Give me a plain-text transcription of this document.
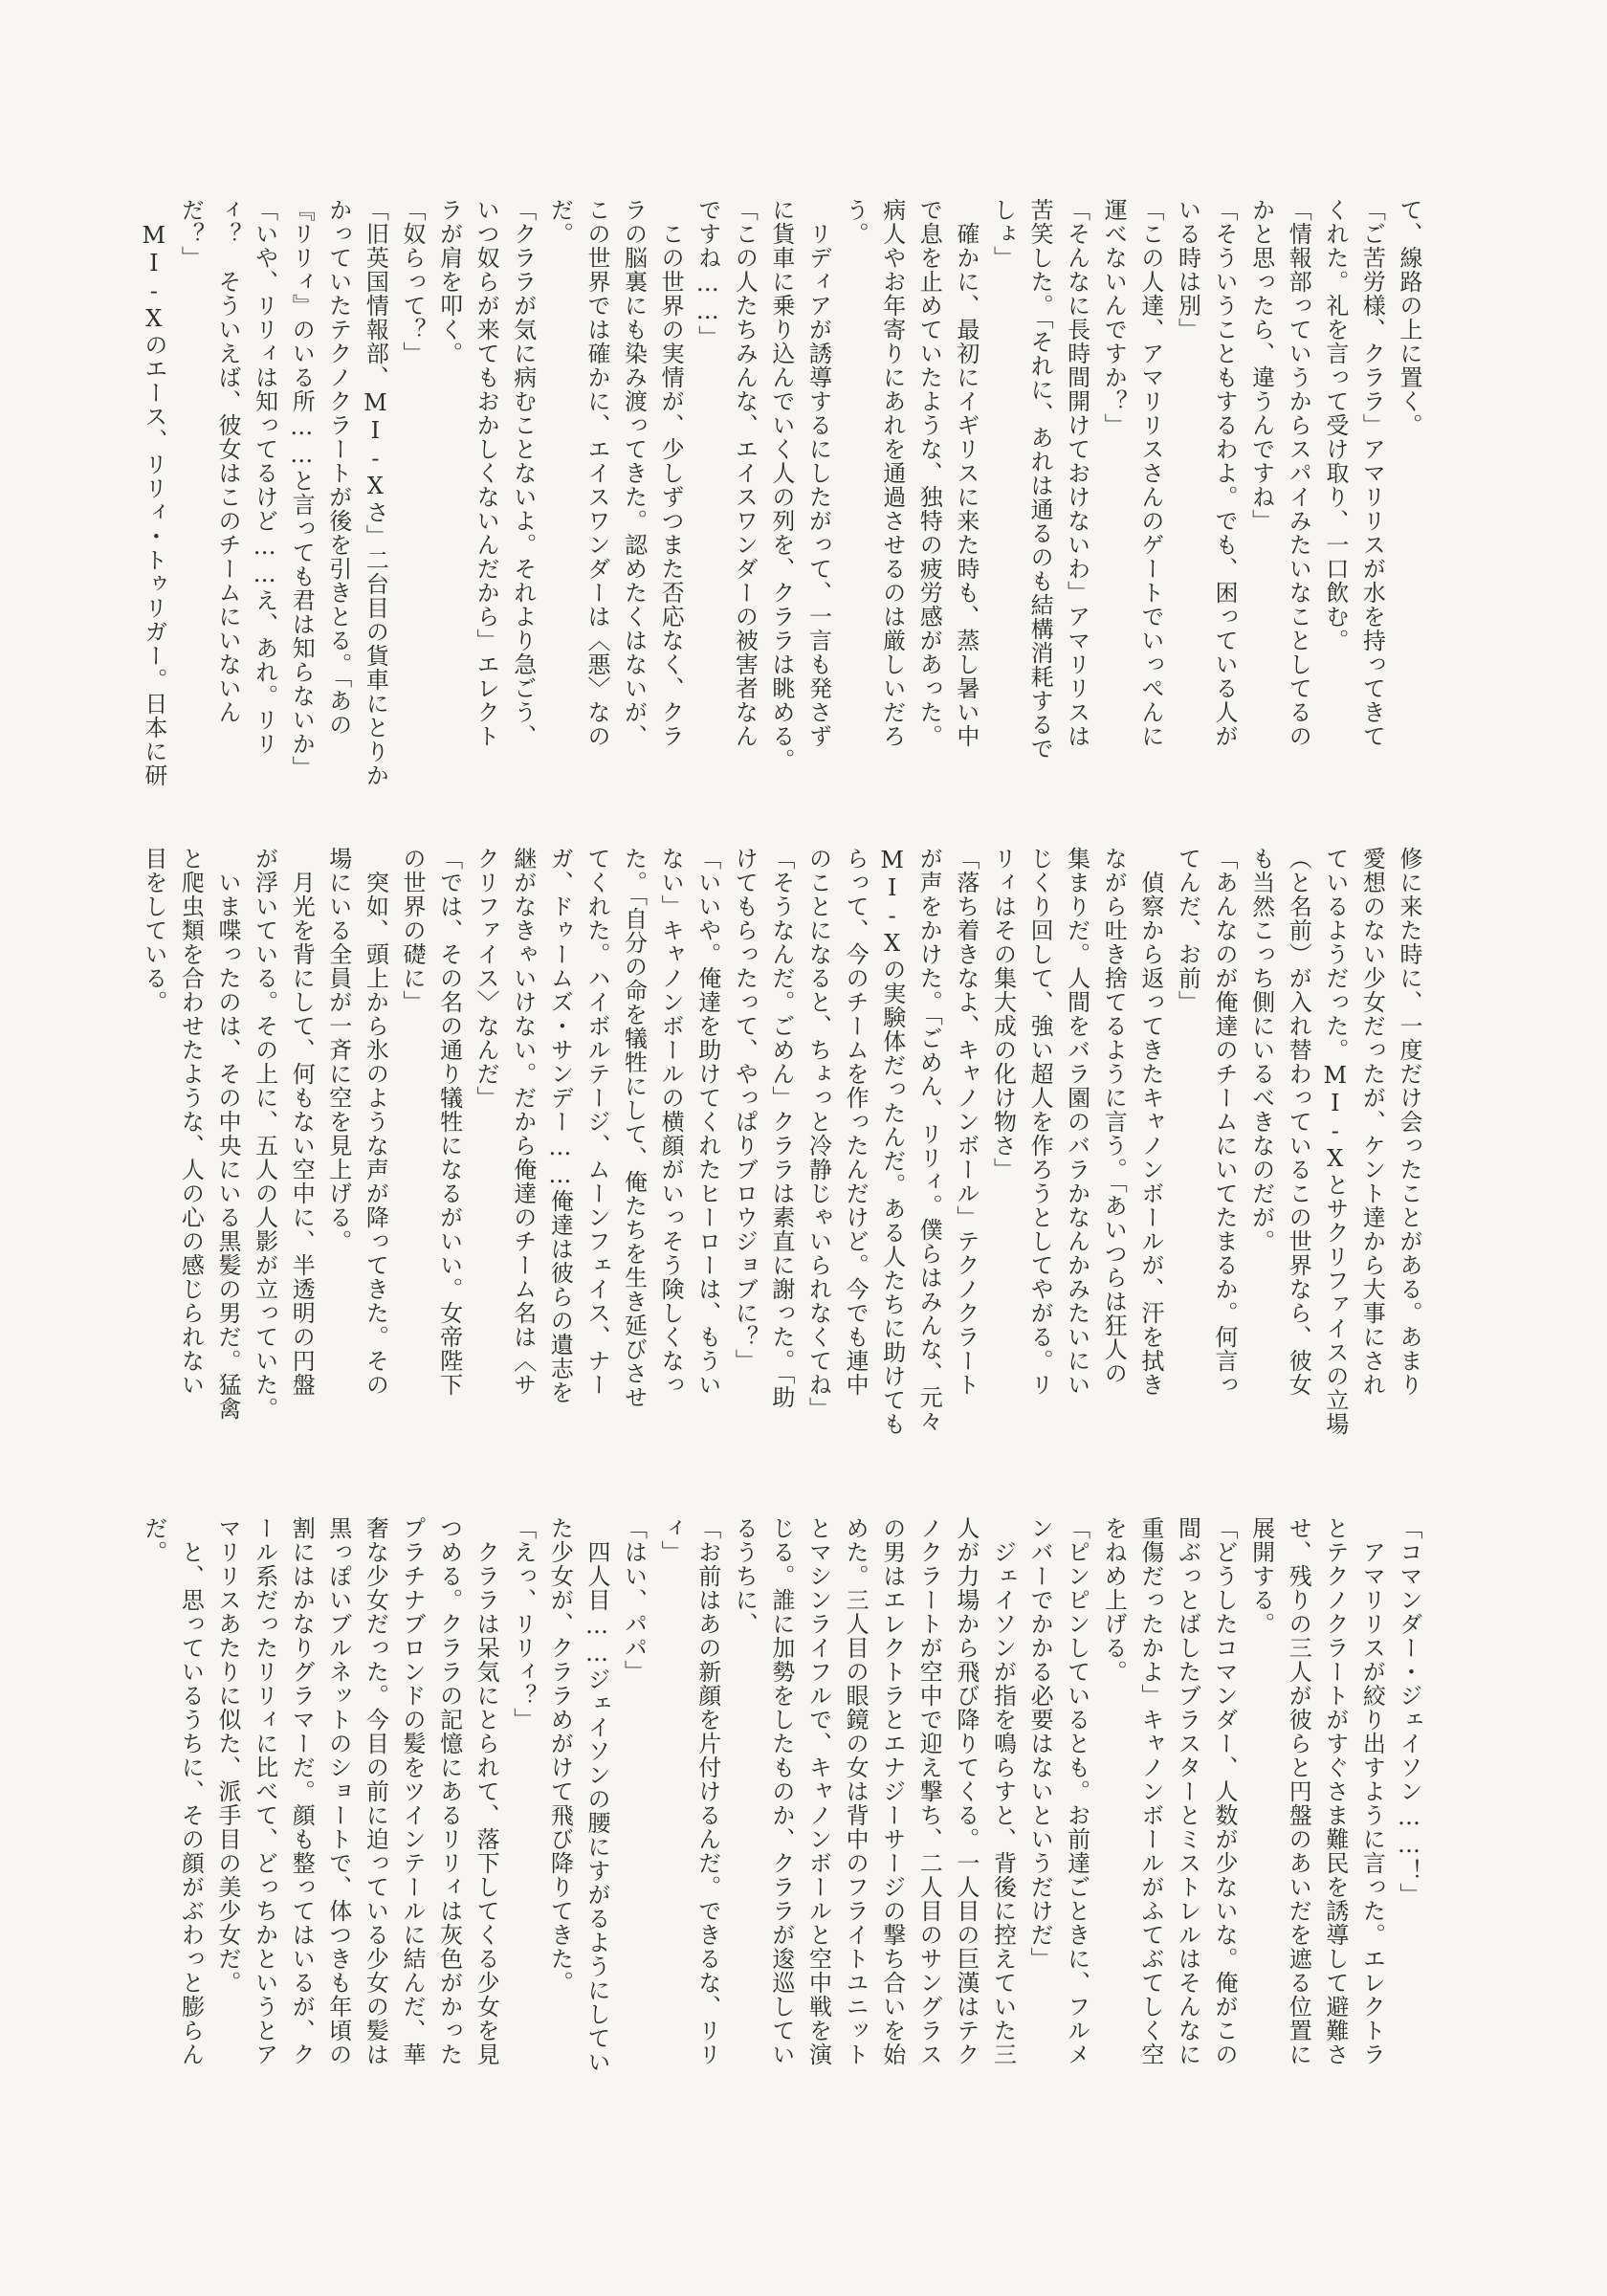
て、線路の上に置く。
「ご苦労様、クララ」アマリリスが水を持ってきて
くれた。礼を言って受け取り、一口飲む。
「情報部っていうからスパイみたいなことしてるの
かと思ったら、違うんですね」
「そういうこともするわよ。でも、困っている人が
いる時は別」
「この人達、アマリリスさんのゲートでいっぺんに
運べないんですか？」
「そんなに長時間開けておけないわ」アマリリスは
苦笑した。「それに、あれは通るのも結構消耗するで
しょ」
　確かに、最初にイギリスに来た時も、蒸し暑い中
で息を止めていたような、独特の疲労感があった。
病人やお年寄りにあれを通過させるのは厳しいだろ
う。
　リディアが誘導するにしたがって、一言も発さず
に貨車に乗り込んでいく人の列を、クララは眺める。
「この人たちみんな、エイスワンダーの被害者なん
ですね……」
　この世界の実情が、少しずつまた否応なく、クラ
ラの脳裏にも染み渡ってきた。認めたくはないが、
この世界では確かに、エイスワンダーは〈悪〉なの
だ。
「クララが気に病むことないよ。それより急ごう、
いつ奴らが来てもおかしくないんだから」エレクト
ラが肩を叩く。
「奴らって？」
「旧英国情報部、MI-Xさ」二台目の貨車にとりか
かっていたテクノクラートが後を引きとる。「あの
『リリィ』のいる所……と言っても君は知らないか」
「いや、リリィは知ってるけど……え、あれ。リリ
ィ？　そういえば、彼女はこのチームにいないん
だ？」
　MI-Xのエース、リリィ・トゥリガー。日本に研
修に来た時に、一度だけ会ったことがある。あまり
愛想のない少女だったが、ケント達から大事にされ
ているようだった。MI-Xとサクリファイスの立場
（と名前）が入れ替わっているこの世界なら、彼女
も当然こっち側にいるべきなのだが。
「あんなのが俺達のチームにいてたまるか。何言っ
てんだ、お前」
　偵察から返ってきたキャノンボールが、汗を拭き
ながら吐き捨てるように言う。「あいつらは狂人の
集まりだ。人間をバラ園のバラかなんかみたいにい
じくり回して、強い超人を作ろうとしてやがる。リ
リィはその集大成の化け物さ」
「落ち着きなよ、キャノンボール」テクノクラート
が声をかけた。「ごめん、リリィ。僕らはみんな、元々
MI-Xの実験体だったんだ。ある人たちに助けても
らって、今のチームを作ったんだけど。今でも連中
のことになると、ちょっと冷静じゃいられなくてね」
「そうなんだ。ごめん」クララは素直に謝った。「助
けてもらったって、やっぱりブロウジョブに？」
「いいや。俺達を助けてくれたヒーローは、もうい
ない」キャノンボールの横顔がいっそう険しくなっ
た。「自分の命を犠牲にして、俺たちを生き延びさせ
てくれた。ハイボルテージ、ムーンフェイス、ナー
ガ、ドゥームズ・サンデー……俺達は彼らの遺志を
継がなきゃいけない。だから俺達のチーム名は〈サ
クリファイス〉なんだ」
「では、その名の通り犠牲になるがいい。女帝陛下
の世界の礎に」
　突如、頭上から氷のような声が降ってきた。その
場にいる全員が一斉に空を見上げる。
　月光を背にして、何もない空中に、半透明の円盤
が浮いている。その上に、五人の人影が立っていた。
　いま喋ったのは、その中央にいる黒髪の男だ。猛禽
と爬虫類を合わせたような、人の心の感じられない
目をしている。
「コマンダー・ジェイソン……！」
　アマリリスが絞り出すように言った。エレクトラ
とテクノクラートがすぐさま難民を誘導して避難さ
せ、残りの三人が彼らと円盤のあいだを遮る位置に
展開する。
「どうしたコマンダー、人数が少ないな。俺がこの
間ぶっとばしたブラスターとミストレルはそんなに
重傷だったかよ」キャノンボールがふてぶてしく空
をねめ上げる。
「ピンピンしているとも。お前達ごときに、フルメ
ンバーでかかる必要はないというだけだ」
　ジェイソンが指を鳴らすと、背後に控えていた三
人が力場から飛び降りてくる。一人目の巨漢はテク
ノクラートが空中で迎え撃ち、二人目のサングラス
の男はエレクトラとエナジーサージの撃ち合いを始
めた。三人目の眼鏡の女は背中のフライトユニット
とマシンライフルで、キャノンボールと空中戦を演
じる。誰に加勢をしたものか、クララが逡巡してい
るうちに、
「お前はあの新顔を片付けるんだ。できるな、リリ
ィ」
「はい、パパ」
　四人目……ジェイソンの腰にすがるようにしてい
た少女が、クララめがけて飛び降りてきた。
「えっ、リリィ？」
　クララは呆気にとられて、落下してくる少女を見
つめる。クララの記憶にあるリリィは灰色がかった
プラチナブロンドの髪をツインテールに結んだ、華
奢な少女だった。今目の前に迫っている少女の髪は
黒っぽいブルネットのショートで、体つきも年頃の
割にはかなりグラマーだ。顔も整ってはいるが、ク
ール系だったリリィに比べて、どっちかというとア
マリリスあたりに似た、派手目の美少女だ。
　と、思っているうちに、その顔がぶわっと膨らん
だ。
